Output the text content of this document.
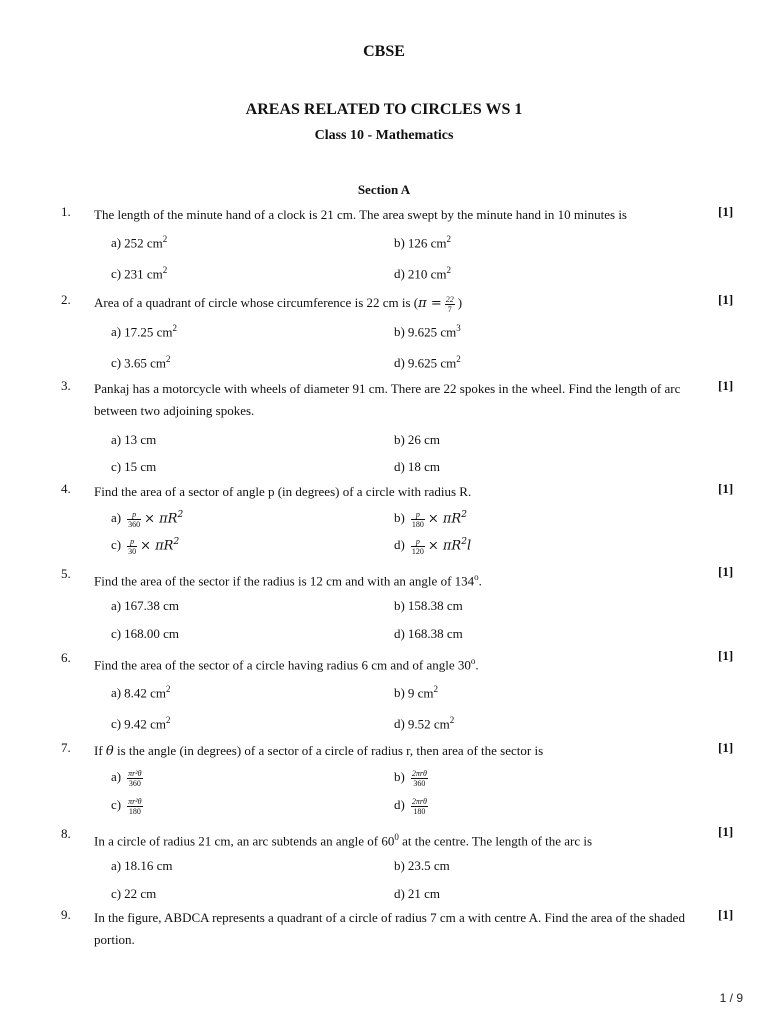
CBSE
AREAS RELATED TO CIRCLES WS 1
Class 10 - Mathematics
Section A
1. The length of the minute hand of a clock is 21 cm. The area swept by the minute hand in 10 minutes is	[1]
a) 252 $cm^2$	b) 126 $cm^2$
c) 231 $cm^2$	d) 210 $cm^2$
2. Area of a quadrant of circle whose circumference is 22 cm is ($\pi = \frac{22}{7}$ )	[1]
a) 17.25 $cm^2$	b) 9.625 $cm^3$
c) 3.65 $cm^2$	d) 9.625 $cm^2$
3. Pankaj has a motorcycle with wheels of diameter 91 cm. There are 22 spokes in the wheel. Find the length of arc between two adjoining spokes.
[1]
a) 13 cm	b) 26 cm
c) 15 cm	d) 18 cm
4. Find the area of a sector of angle p (in degrees) of a circle with radius R.	[1]
$a) \frac{p}{360} \times \pi R^2$	$b) \frac{p}{180} \times \pi R^2$
$c) \frac{p}{30} \times \pi R^2$	$d) \frac{p}{120} \times \pi R^2l$
5. Find the area of the sector if the radius is 12 cm and with an angle of 134$^o$.
[1]
a) 167.38 cm	b) 158.38 cm
c) 168.00 cm	d) 168.38 cm
6. Find the area of the sector of a circle having radius 6 cm and of angle 30$^o$.
[1]
a) 8.42 $cm^2$	b) 9 $cm^2$
c) 9.42 $cm^2$	d) 9.52 $cm^2$
7. If θ is the angle (in degrees) of a sector of a circle of radius r, then area of the sector is	[1]
$a) \frac{\text{πr²θ}}{360}$	$b) \frac{\text{2πrθ}}{360}$
$c) \frac{\text{πr²θ}}{180}$	$d) \frac{\text{2πrθ}}{180}$
8. In a circle of radius 21 cm, an arc subtends an angle of $60^0$ at the centre. The length of the arc is
[1]
a) 18.16 cm	b) 23.5 cm
c) 22 cm	d) 21 cm
9. In the figure, ABDCA represents a quadrant of a circle of radius 7 cm a with centre A. Find the area of the shaded portion.
[1]
1 / 9
